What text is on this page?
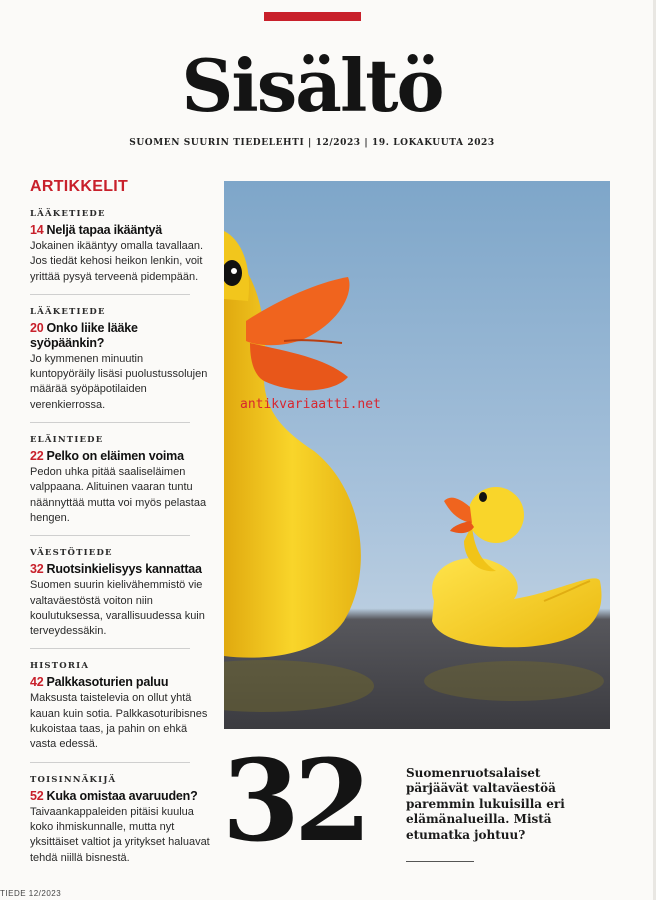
Sisältö
SUOMEN SUURIN TIEDELEHTI | 12/2023 | 19. LOKAKUUTA 2023
ARTIKKELIT
LÄÄKETIEDE
14 Neljä tapaa ikääntyä
Jokainen ikääntyy omalla tavallaan. Jos tiedät kehosi heikon lenkin, voit yrittää pysyä terveenä pidempään.
LÄÄKETIEDE
20 Onko liike lääke syöpäänkin?
Jo kymmenen minuutin kuntopyöräily lisäsi puolustussolujen määrää syöpäpotilaiden verenkierrossa.
ELÄINTIEDE
22 Pelko on eläimen voima
Pedon uhka pitää saaliseläimen valppaana. Alituinen vaaran tuntu näännyttää mutta voi myös pelastaa hengen.
VÄESTÖTIEDE
32 Ruotsinkielisyys kannattaa
Suomen suurin kielivähemmistö vie valtaväestöstä voiton niin koulutuksessa, varallisuudessa kuin terveydessäkin.
HISTORIA
42 Palkkasoturien paluu
Maksusta taistelevia on ollut yhtä kauan kuin sotia. Palkkasoturibisnes kukoistaa taas, ja pahin on ehkä vasta edessä.
TOISINNÄKIJÄ
52 Kuka omistaa avaruuden?
Taivaankappaleiden pitäisi kuulua koko ihmiskunnalle, mutta nyt yksittäiset valtiot ja yritykset haluavat tehdä niillä bisnestä.
antikvariaatti.net
32	Suomenruotsalaiset pärjäävät valtaväestöä paremmin lukuisilla eri elämänalueilla. Mistä etumatka johtuu?
TIEDE 12/2023
